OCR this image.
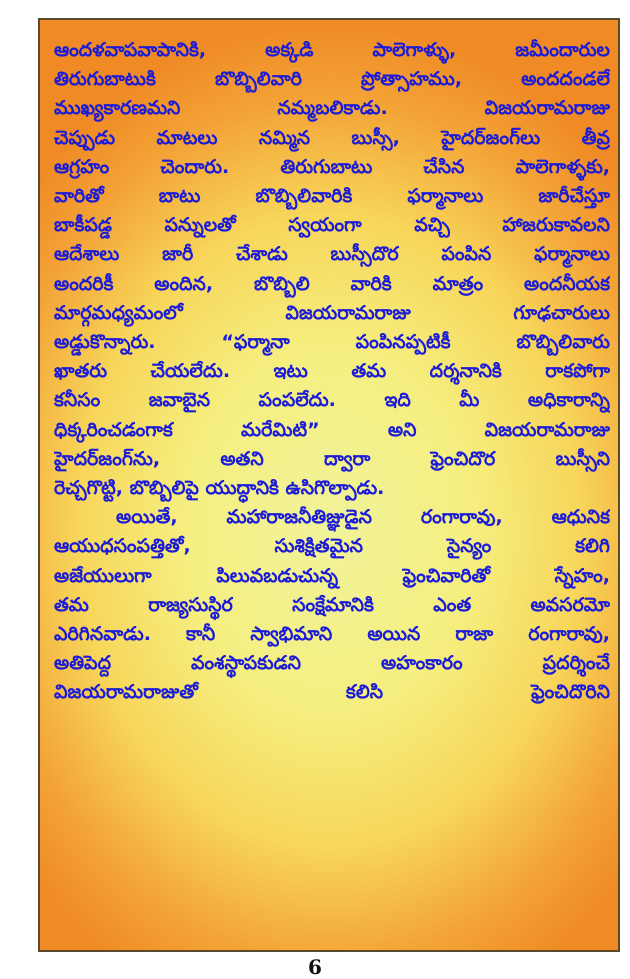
ఆందళవాపవాపానికి, అక్కడి పాలెగాళ్ళు, జమీందారుల
తిరుగుబాటుకి బొబ్బిలివారి ప్రోత్సాహము, అందదండలే
ముఖ్యకారణమని నమ్మబలికాడు. విజయరామరాజు
చెప్పుడు మాటలు నమ్మిన బుస్సీ, హైదర్‌జంగ్‌లు తీవ్ర
ఆగ్రహం చెందారు. తిరుగుబాటు చేసిన పాలెగాళ్ళకు,
వారితో బాటు బొబ్బిలివారికి ఫర్మానాలు జారీచేస్తూ
బాకీపడ్డ పన్నులతో స్వయంగా వచ్చి హాజరుకావలని
ఆదేశాలు జారీ చేశాడు బుస్సీదొర పంపిన ఫర్మానాలు
అందరికీ అందిన, బొబ్బిలి వారికి మాత్రం అందనీయక
మార్గమధ్యమంలో విజయరామరాజు గూఢచారులు
అడ్డుకొన్నారు. “ఫర్మానా పంపినప్పటికీ బొబ్బిలివారు
ఖాతరు చేయలేదు. ఇటు తమ దర్శనానికి రాకపోగా
కనీసం జవాబైన పంపలేదు. ఇది మీ అధికారాన్ని
ధిక్కరించడంగాక మరేమిటి” అని విజయరామరాజు
హైదర్‌జంగ్‌ను, అతని ద్వారా ఫ్రెంచిదొర బుస్సీని
రెచ్చగొట్టి, బొబ్బిలిపై యుద్ధానికి ఉసిగొల్పాడు.
అయితే, మహారాజనీతిజ్ఞుడైన రంగారావు, ఆధునిక
ఆయుధసంపత్తితో, సుశిక్షితమైన సైన్యం కలిగి
అజేయులుగా పిలువబడుచున్న ఫ్రెంచివారితో స్నేహం,
తమ రాజ్యసుస్థిర సంక్షేమానికి ఎంత అవసరమో
ఎరిగినవాడు. కానీ స్వాభిమాని అయిన రాజా రంగారావు,
అతిపెద్ద వంశస్థాపకుడని అహంకారం ప్రదర్శించే
విజయరామరాజుతో కలిసి ఫ్రెంచిదొరిని
6
